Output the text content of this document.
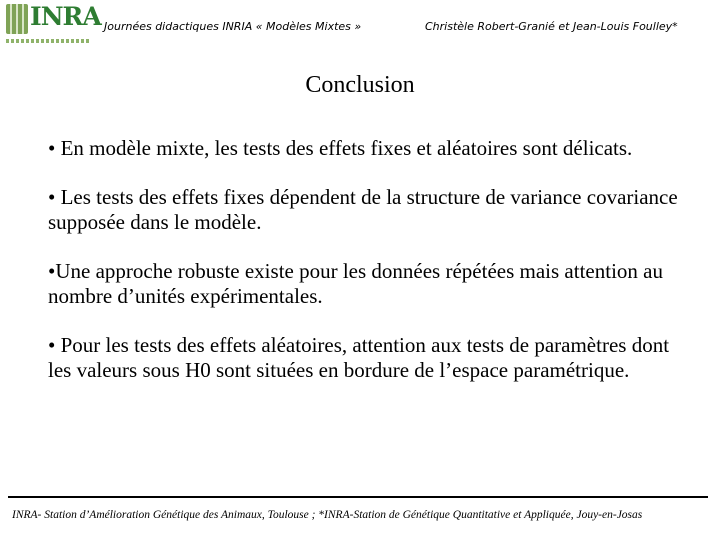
INRA Journées didactiques INRIA « Modèles Mixtes »	Christèle Robert-Granié et Jean-Louis Foulley*
Conclusion
• En modèle mixte, les tests des effets fixes et aléatoires sont délicats.
• Les tests des effets fixes dépendent de la structure de variance covariance supposée dans le modèle.
•Une approche robuste existe pour les données répétées mais attention au nombre d’unités expérimentales.
• Pour les tests des effets aléatoires, attention aux tests de paramètres dont les valeurs sous H0 sont situées en bordure de l’espace paramétrique.
INRA- Station d’Amélioration Génétique des Animaux, Toulouse ; *INRA-Station de Génétique Quantitative et Appliquée, Jouy-en-Josas
